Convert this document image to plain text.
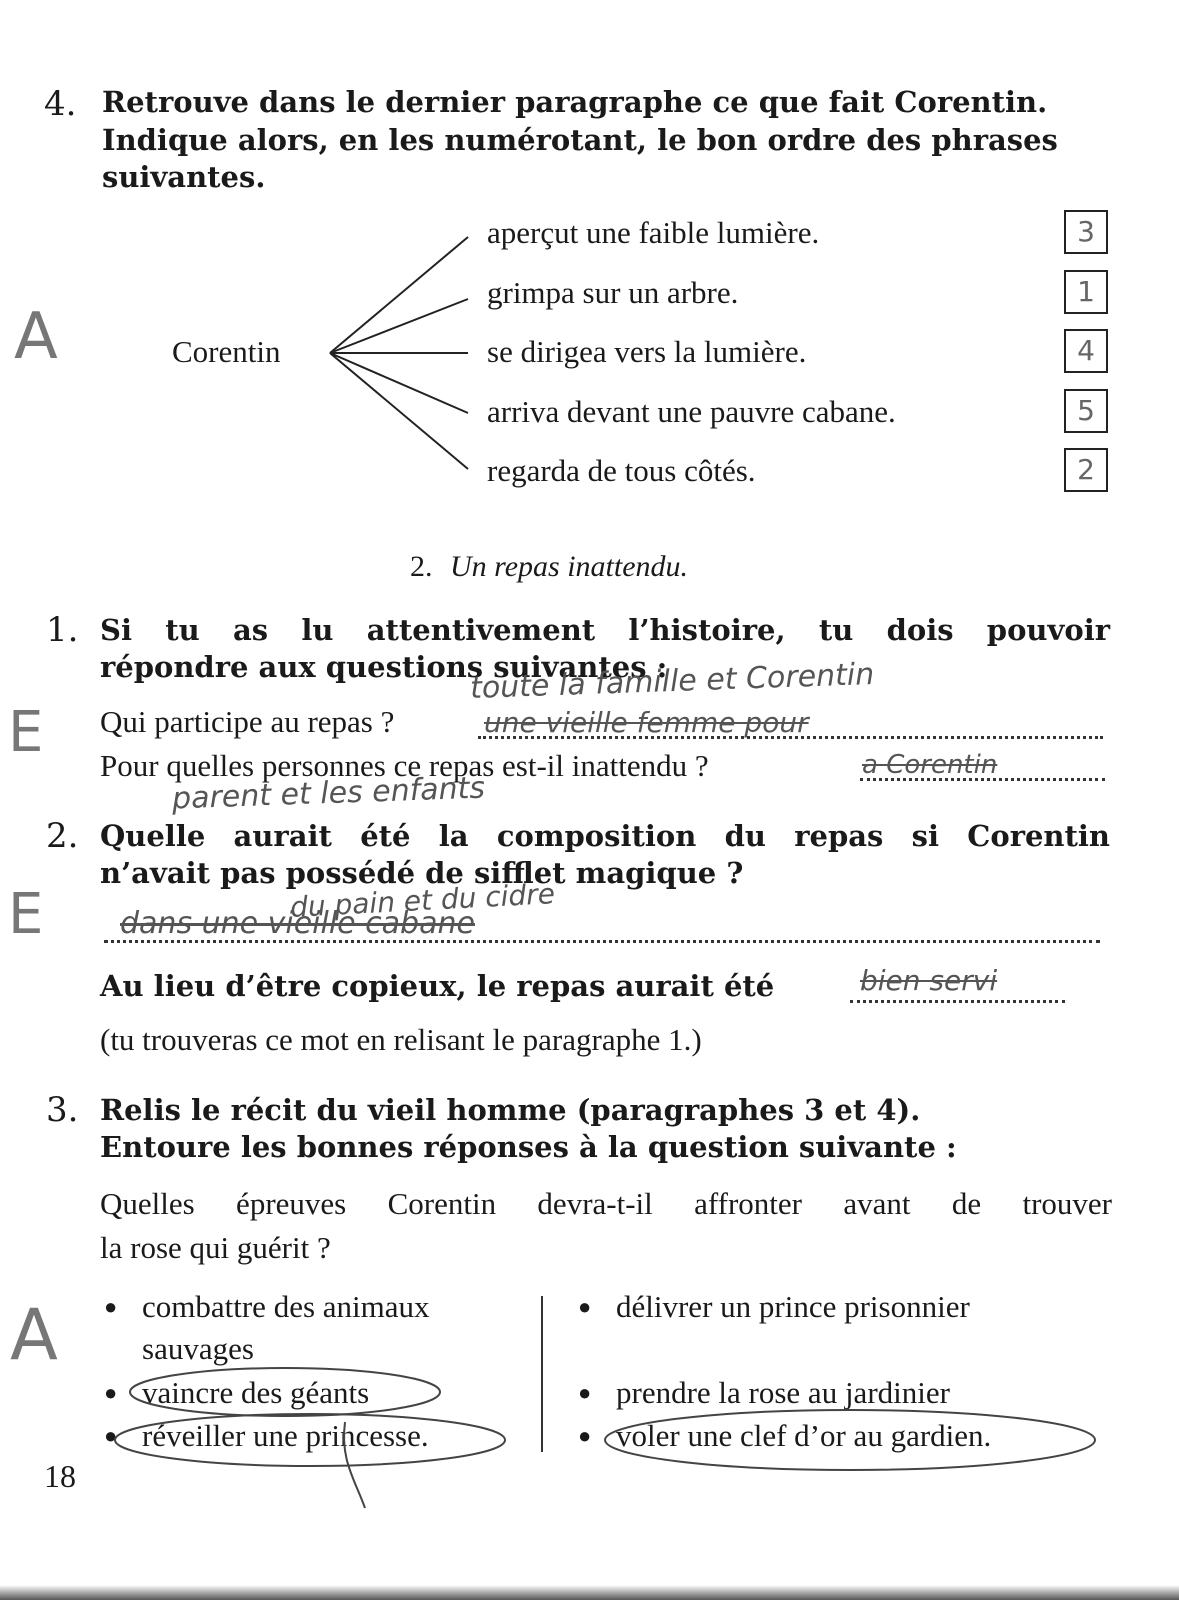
4. Retrouve dans le dernier paragraphe ce que fait Corentin.
Indique alors, en les numérotant, le bon ordre des phrases
suivantes.
A	Corentin
aperçut une faible lumière.
grimpa sur un arbre.
se dirigea vers la lumière.
arriva devant une pauvre cabane.
regarda de tous côtés.
3
1
4
5
2
2. Un repas inattendu.
1. Si tu as lu attentivement l’histoire, tu dois pouvoir
répondre aux questions suivantes :
E
toute la famille et Corentin
Qui participe au repas ?	une vieille femme pour
Pour quelles personnes ce repas est-il inattendu ?	a Corentin
parent et les enfants
2. Quelle aurait été la composition du repas si Corentin
n’avait pas possédé de sifflet magique ?
E	du pain et du cidre
dans une vieille cabane
Au lieu d’être copieux, le repas aurait été	bien servi
(tu trouveras ce mot en relisant le paragraphe 1.)
3. Relis le récit du vieil homme (paragraphes 3 et 4).
Entoure les bonnes réponses à la question suivante :
Quelles épreuves Corentin devra-t-il affronter avant de trouver
la rose qui guérit ?
A
●	combattre des animaux
sauvages
● vaincre des géants
● réveiller une princesse.
● délivrer un prince prisonnier
● prendre la rose au jardinier
● voler une clef d’or au gardien.
18
